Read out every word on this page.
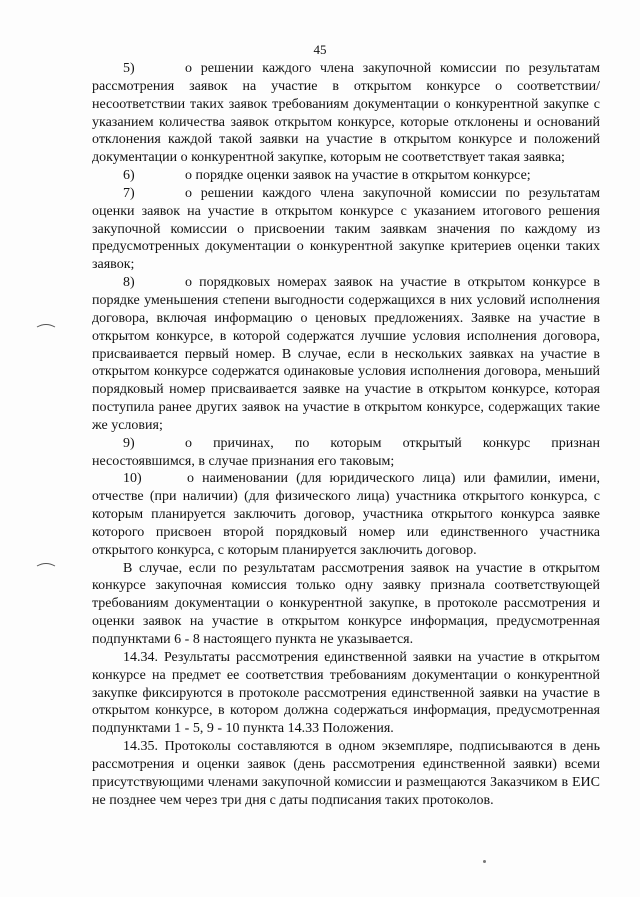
45

5)	о решении каждого члена закупочной комиссии по результатам рассмотрения заявок на участие в открытом конкурсе о соответствии/несоответствии таких заявок требованиям документации о конкурентной закупке с указанием количества заявок открытом конкурсе, которые отклонены и оснований отклонения каждой такой заявки на участие в открытом конкурсе и положений документации о конкурентной закупке, которым не соответствует такая заявка;

6)	о порядке оценки заявок на участие в открытом конкурсе;

7)	о решении каждого члена закупочной комиссии по результатам оценки заявок на участие в открытом конкурсе с указанием итогового решения закупочной комиссии о присвоении таким заявкам значения по каждому из предусмотренных документации о конкурентной закупке критериев оценки таких заявок;

8)	о порядковых номерах заявок на участие в открытом конкурсе в порядке уменьшения степени выгодности содержащихся в них условий исполнения договора, включая информацию о ценовых предложениях. Заявке на участие в открытом конкурсе, в которой содержатся лучшие условия исполнения договора, присваивается первый номер. В случае, если в нескольких заявках на участие в открытом конкурсе содержатся одинаковые условия исполнения договора, меньший порядковый номер присваивается заявке на участие в открытом конкурсе, которая поступила ранее других заявок на участие в открытом конкурсе, содержащих такие же условия;

9)	о причинах, по которым открытый конкурс признан несостоявшимся, в случае признания его таковым;

10)	о наименовании (для юридического лица) или фамилии, имени, отчестве (при наличии) (для физического лица) участника открытого конкурса, с которым планируется заключить договор, участника открытого конкурса заявке которого присвоен второй порядковый номер или единственного участника открытого конкурса, с которым планируется заключить договор.

В случае, если по результатам рассмотрения заявок на участие в открытом конкурсе закупочная комиссия только одну заявку признала соответствующей требованиям документации о конкурентной закупке, в протоколе рассмотрения и оценки заявок на участие в открытом конкурсе информация, предусмотренная подпунктами 6 - 8 настоящего пункта не указывается.

14.34. Результаты рассмотрения единственной заявки на участие в открытом конкурсе на предмет ее соответствия требованиям документации о конкурентной закупке фиксируются в протоколе рассмотрения единственной заявки на участие в открытом конкурсе, в котором должна содержаться информация, предусмотренная подпунктами 1 - 5, 9 - 10 пункта 14.33 Положения.

14.35. Протоколы составляются в одном экземпляре, подписываются в день рассмотрения и оценки заявок (день рассмотрения единственной заявки) всеми присутствующими членами закупочной комиссии и размещаются Заказчиком в ЕИС не позднее чем через три дня с даты подписания таких протоколов.
